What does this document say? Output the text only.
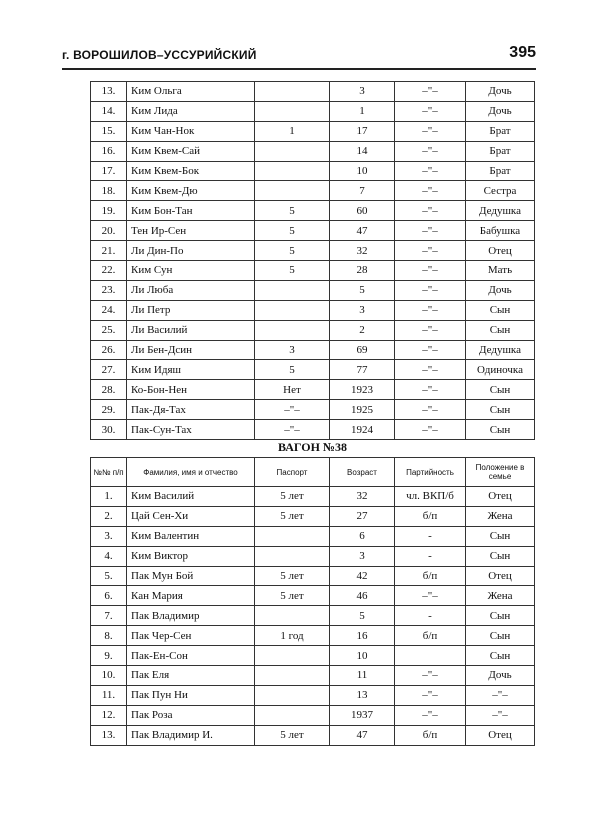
г. ВОРОШИЛОВ–УССУРИЙСКИЙ	395
13.	Ким Ольга		3	–"–	Дочь
14.	Ким Лида		1	–"–	Дочь
15.	Ким Чан-Нок	1	17	–"–	Брат
16.	Ким Квем-Сай		14	–"–	Брат
17.	Ким Квем-Бок		10	–"–	Брат
18.	Ким Квем-Дю		7	–"–	Сестра
19.	Ким Бон-Тан	5	60	–"–	Дедушка
20.	Тен Ир-Сен	5	47	–"–	Бабушка
21.	Ли Дин-По	5	32	–"–	Отец
22.	Ким Сун	5	28	–"–	Мать
23.	Ли Люба		5	–"–	Дочь
24.	Ли Петр		3	–"–	Сын
25.	Ли Василий		2	–"–	Сын
26.	Ли Бен-Дсин	3	69	–"–	Дедушка
27.	Ким Идяш	5	77	–"–	Одиночка
28.	Ко-Бон-Нен	Нет	1923	–"–	Сын
29.	Пак-Дя-Тах	–"–	1925	–"–	Сын
30.	Пак-Сун-Тах	–"–	1924	–"–	Сын
ВАГОН №38
№№ п/п	Фамилия, имя и отчество	Паспорт	Возраст	Партийность	Положение в семье
1.	Ким Василий	5 лет	32	чл. ВКП/б	Отец
2.	Цай Сен-Хи	5 лет	27	б/п	Жена
3.	Ким Валентин		6	-	Сын
4.	Ким Виктор		3	-	Сын
5.	Пак Мун Бой	5 лет	42	б/п	Отец
6.	Кан Мария	5 лет	46	–"–	Жена
7.	Пак Владимир		5	-	Сын
8.	Пак Чер-Сен	1 год	16	б/п	Сын
9.	Пак-Ен-Сон		10		Сын
10.	Пак Еля		11	–"–	Дочь
11.	Пак Пун Ни		13	–"–	–"–
12.	Пак Роза		1937	–"–	–"–
13.	Пак Владимир И.	5 лет	47	б/п	Отец
